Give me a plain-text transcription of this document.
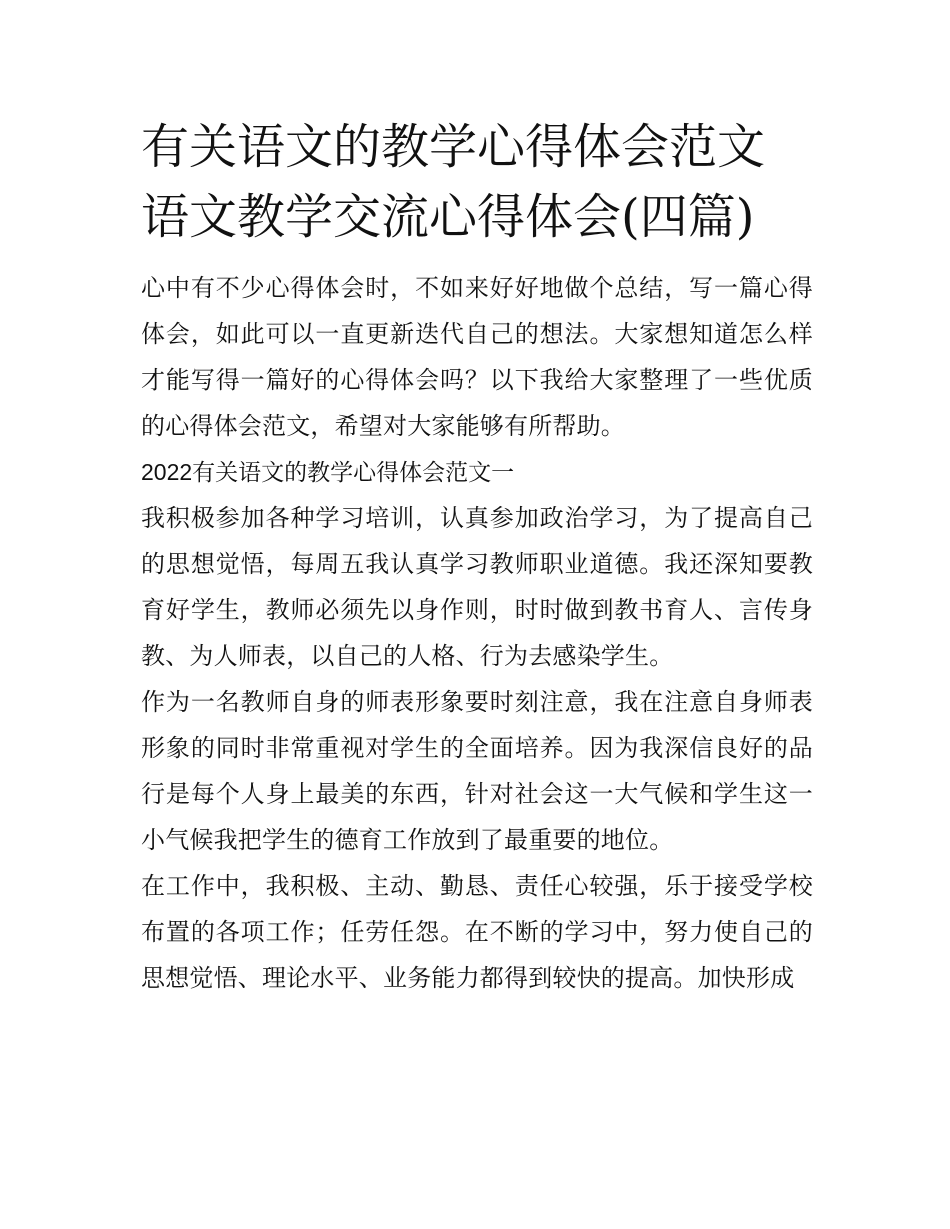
有关语文的教学心得体会范文
语文教学交流心得体会(四篇)

心中有不少心得体会时，不如来好好地做个总结，写一篇心得体会，如此可以一直更新迭代自己的想法。大家想知道怎么样才能写得一篇好的心得体会吗？以下我给大家整理了一些优质的心得体会范文，希望对大家能够有所帮助。

2022有关语文的教学心得体会范文一

我积极参加各种学习培训，认真参加政治学习，为了提高自己的思想觉悟，每周五我认真学习教师职业道德。我还深知要教育好学生，教师必须先以身作则，时时做到教书育人、言传身教、为人师表，以自己的人格、行为去感染学生。

作为一名教师自身的师表形象要时刻注意，我在注意自身师表形象的同时非常重视对学生的全面培养。因为我深信良好的品行是每个人身上最美的东西，针对社会这一大气候和学生这一小气候我把学生的德育工作放到了最重要的地位。

在工作中，我积极、主动、勤恳、责任心较强，乐于接受学校布置的各项工作；任劳任怨。在不断的学习中，努力使自己的思想觉悟、理论水平、业务能力都得到较快的提高。加快形成
